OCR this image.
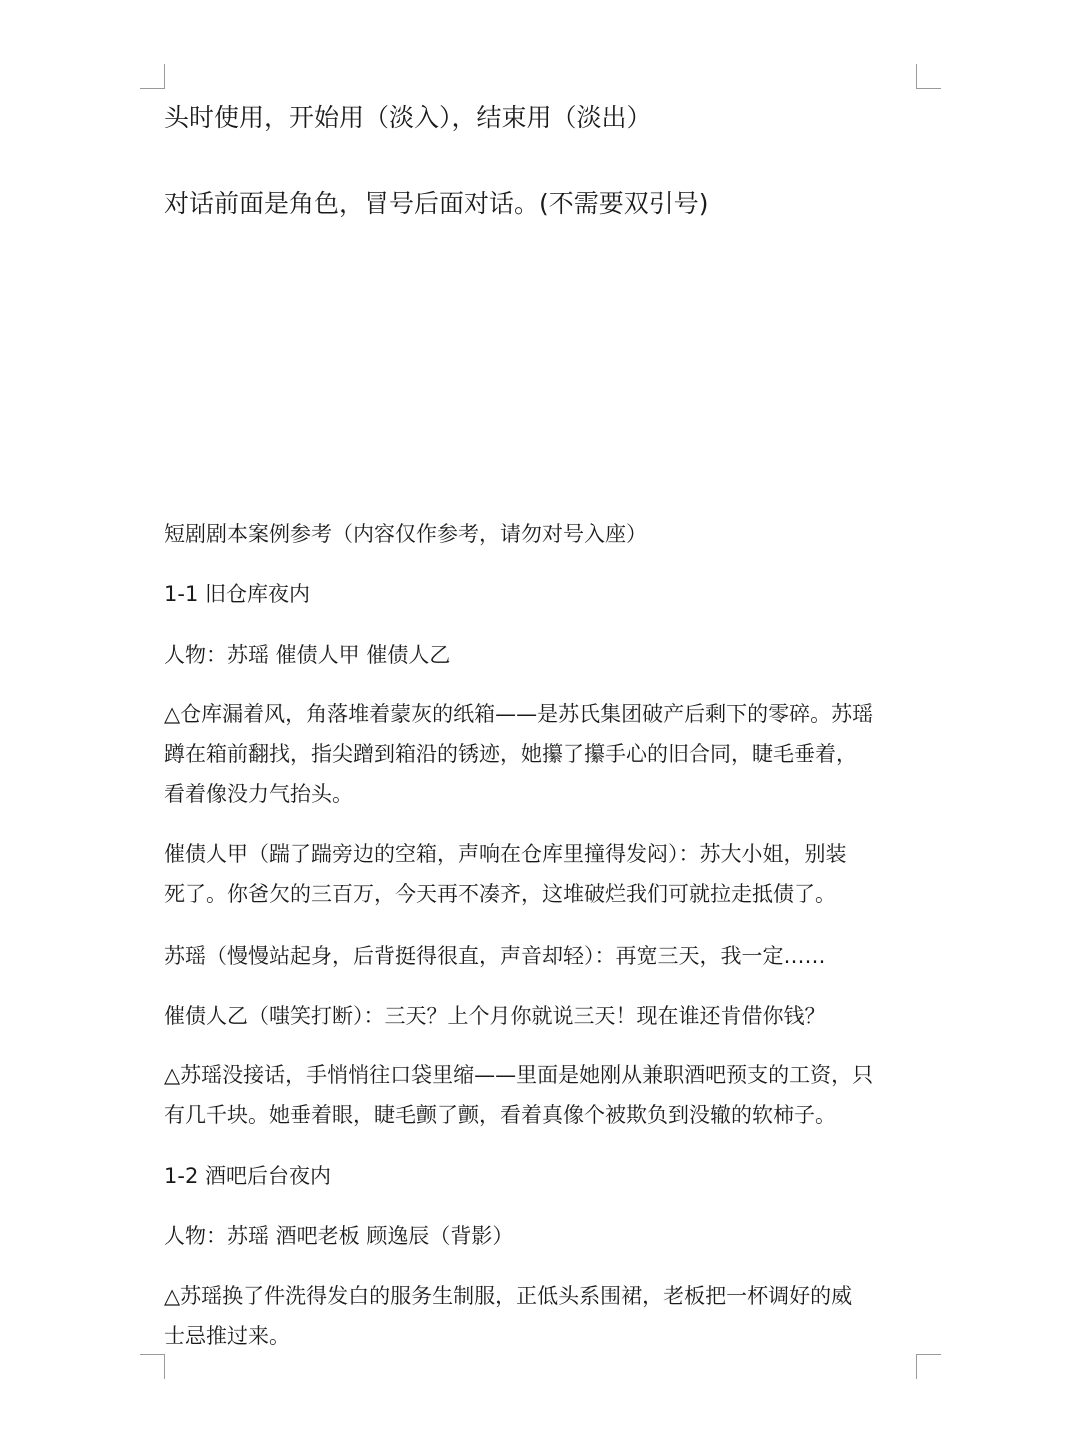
头时使用，开始用（淡入），结束用（淡出）
对话前面是角色，冒号后面对话。(不需要双引号)
短剧剧本案例参考（内容仅作参考，请勿对号入座）
1-1 旧仓库夜内
人物：苏瑶 催债人甲 催债人乙
△仓库漏着风，角落堆着蒙灰的纸箱——是苏氏集团破产后剩下的零碎。苏瑶
蹲在箱前翻找，指尖蹭到箱沿的锈迹，她攥了攥手心的旧合同，睫毛垂着，
看着像没力气抬头。
催债人甲（踹了踹旁边的空箱，声响在仓库里撞得发闷）：苏大小姐，别装
死了。你爸欠的三百万，今天再不凑齐，这堆破烂我们可就拉走抵债了。
苏瑶（慢慢站起身，后背挺得很直，声音却轻）：再宽三天，我一定……
催债人乙（嗤笑打断）：三天？上个月你就说三天！现在谁还肯借你钱？
△苏瑶没接话，手悄悄往口袋里缩——里面是她刚从兼职酒吧预支的工资，只
有几千块。她垂着眼，睫毛颤了颤，看着真像个被欺负到没辙的软柿子。
1-2 酒吧后台夜内
人物：苏瑶 酒吧老板 顾逸辰（背影）
△苏瑶换了件洗得发白的服务生制服，正低头系围裙，老板把一杯调好的威
士忌推过来。
